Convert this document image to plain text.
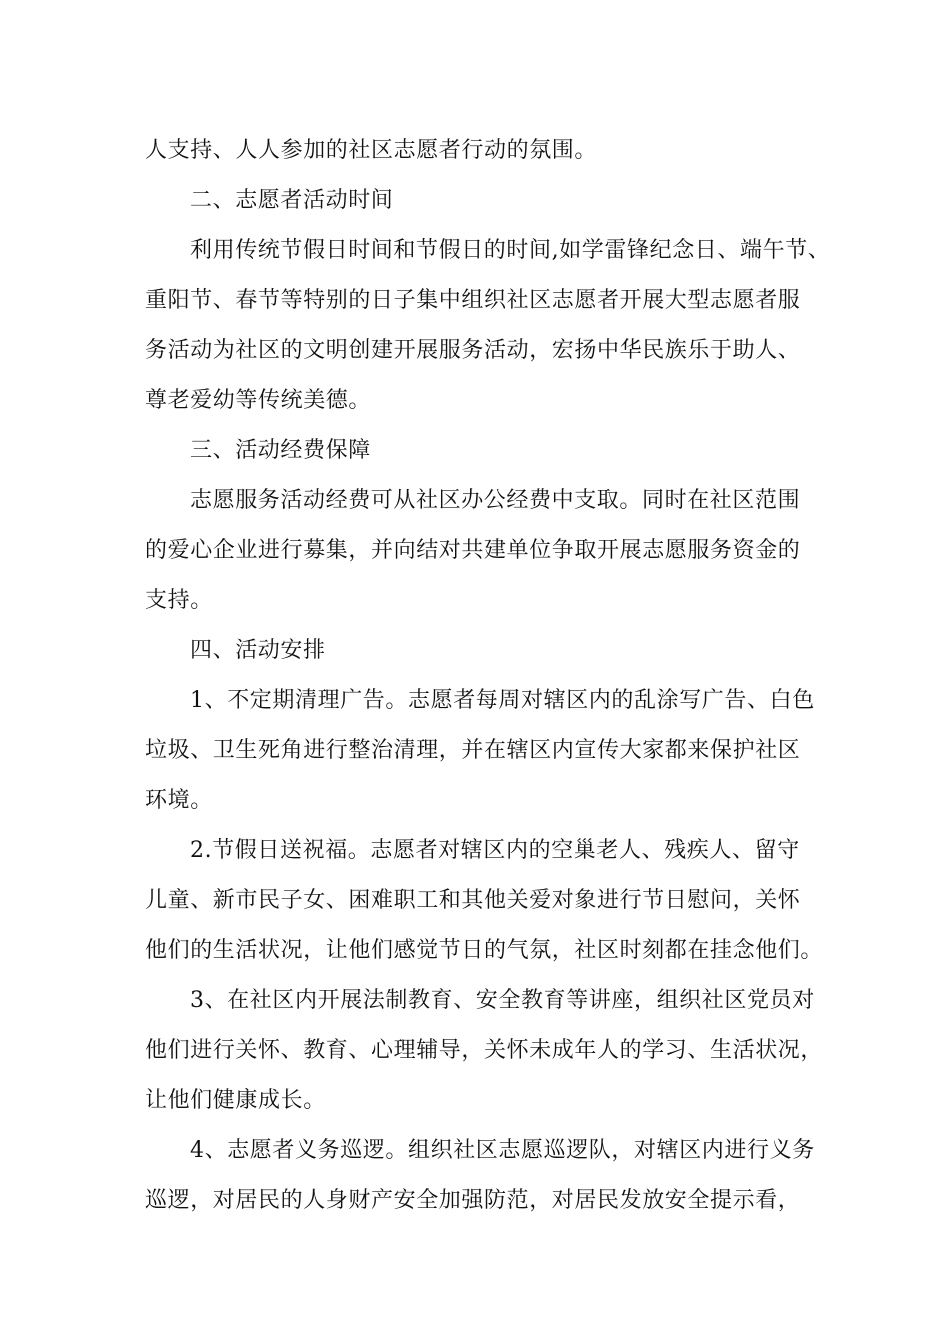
人支持、人人参加的社区志愿者行动的氛围。
二、志愿者活动时间
利用传统节假日时间和节假日的时间,如学雷锋纪念日、端午节、
重阳节、春节等特别的日子集中组织社区志愿者开展大型志愿者服
务活动为社区的文明创建开展服务活动，宏扬中华民族乐于助人、
尊老爱幼等传统美德。
三、活动经费保障
志愿服务活动经费可从社区办公经费中支取。同时在社区范围
的爱心企业进行募集，并向结对共建单位争取开展志愿服务资金的
支持。
四、活动安排
1、不定期清理广告。志愿者每周对辖区内的乱涂写广告、白色
垃圾、卫生死角进行整治清理，并在辖区内宣传大家都来保护社区
环境。
2.节假日送祝福。志愿者对辖区内的空巢老人、残疾人、留守
儿童、新市民子女、困难职工和其他关爱对象进行节日慰问，关怀
他们的生活状况，让他们感觉节日的气氛，社区时刻都在挂念他们。
3、在社区内开展法制教育、安全教育等讲座，组织社区党员对
他们进行关怀、教育、心理辅导，关怀未成年人的学习、生活状况，
让他们健康成长。
4、志愿者义务巡逻。组织社区志愿巡逻队，对辖区内进行义务
巡逻，对居民的人身财产安全加强防范，对居民发放安全提示看，
